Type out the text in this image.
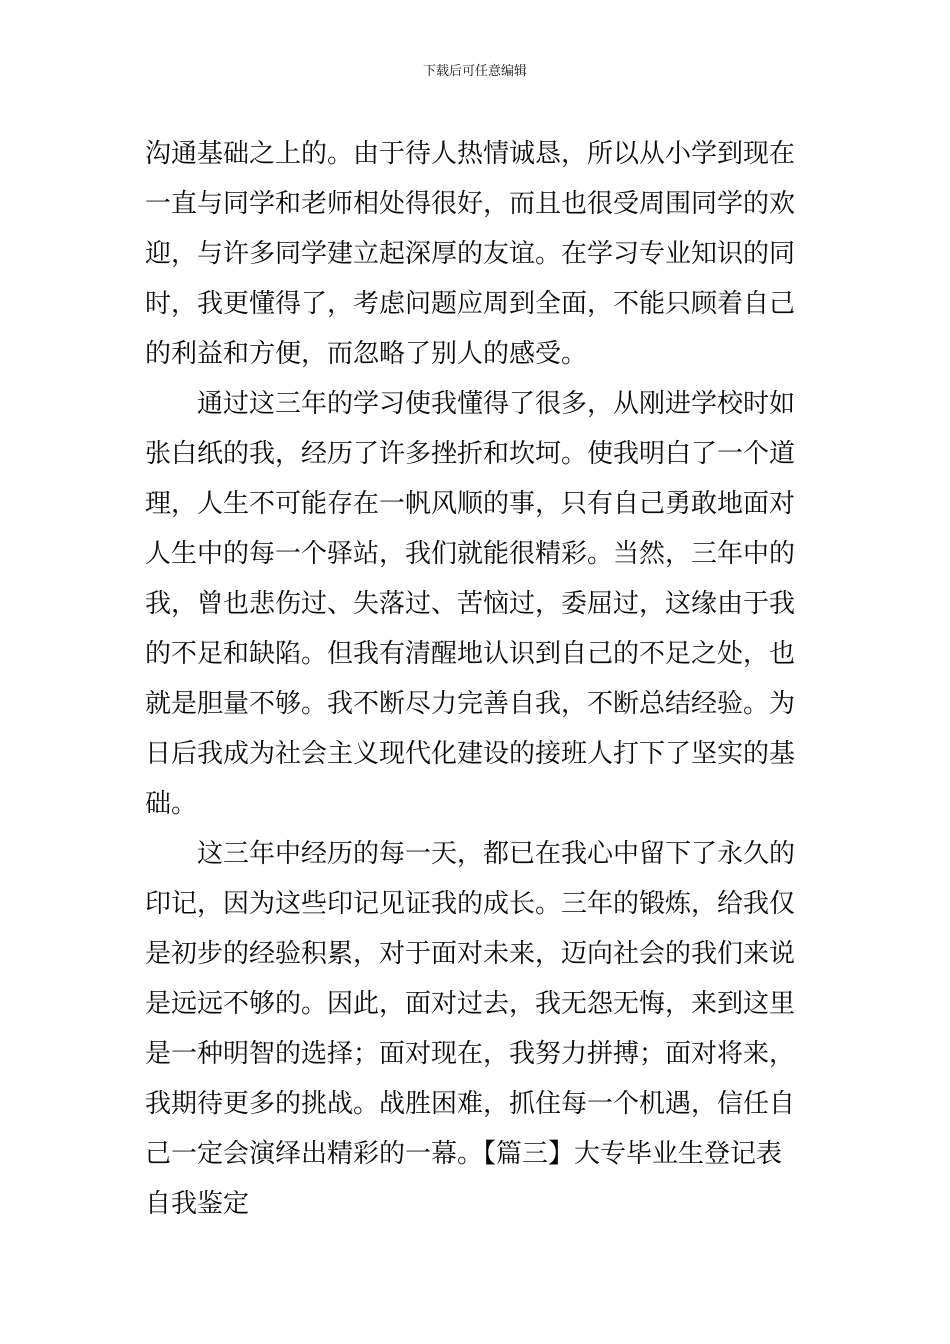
下载后可任意编辑
沟通基础之上的。由于待人热情诚恳，所以从小学到现在
一直与同学和老师相处得很好，而且也很受周围同学的欢
迎，与许多同学建立起深厚的友谊。在学习专业知识的同
时，我更懂得了，考虑问题应周到全面，不能只顾着自己
的利益和方便，而忽略了别人的感受。
通过这三年的学习使我懂得了很多，从刚进学校时如
张白纸的我，经历了许多挫折和坎坷。使我明白了一个道
理，人生不可能存在一帆风顺的事，只有自己勇敢地面对
人生中的每一个驿站，我们就能很精彩。当然，三年中的
我，曾也悲伤过、失落过、苦恼过，委屈过，这缘由于我
的不足和缺陷。但我有清醒地认识到自己的不足之处，也
就是胆量不够。我不断尽力完善自我，不断总结经验。为
日后我成为社会主义现代化建设的接班人打下了坚实的基
础。
这三年中经历的每一天，都已在我心中留下了永久的
印记，因为这些印记见证我的成长。三年的锻炼，给我仅
是初步的经验积累，对于面对未来，迈向社会的我们来说
是远远不够的。因此，面对过去，我无怨无悔，来到这里
是一种明智的选择；面对现在，我努力拼搏；面对将来，
我期待更多的挑战。战胜困难，抓住每一个机遇，信任自
己一定会演绎出精彩的一幕。【篇三】大专毕业生登记表
自我鉴定
